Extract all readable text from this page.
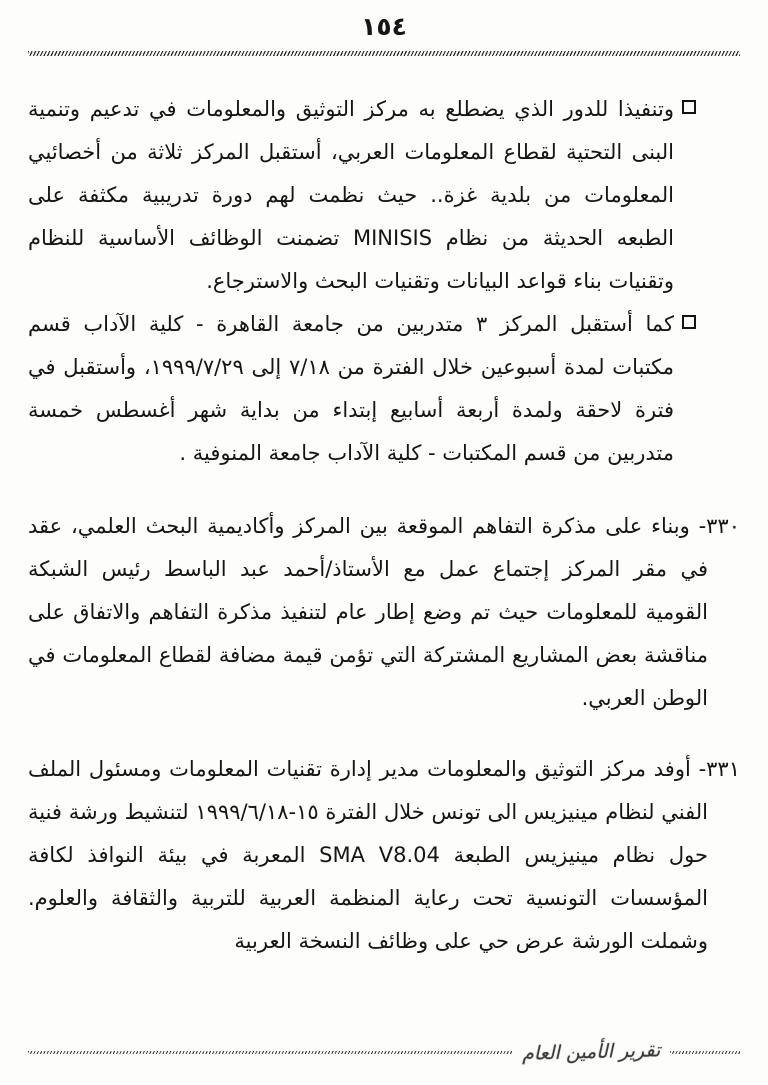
١٥٤
وتنفيذا للدور الذي يضطلع به مركز التوثيق والمعلومات في تدعيم وتنمية البنى التحتية لقطاع المعلومات العربي، أستقبل المركز ثلاثة من أخصائيي المعلومات من بلدية غزة.. حيث نظمت لهم دورة تدريبية مكثفة على الطبعه الحديثة من نظام MINISIS تضمنت الوظائف الأساسية للنظام وتقنيات بناء قواعد البيانات وتقنيات البحث والاسترجاع.
كما أستقبل المركز ٣ متدربين من جامعة القاهرة - كلية الآداب قسم مكتبات لمدة أسبوعين خلال الفترة من ٧/١٨ إلى ١٩٩٩/٧/٢٩، وأستقبل في فترة لاحقة ولمدة أربعة أسابيع إبتداء من بداية شهر أغسطس خمسة متدربين من قسم المكتبات - كلية الآداب جامعة المنوفية .
٣٣٠- وبناء على مذكرة التفاهم الموقعة بين المركز وأكاديمية البحث العلمي، عقد في مقر المركز إجتماع عمل مع الأستاذ/أحمد عبد الباسط رئيس الشبكة القومية للمعلومات حيث تم وضع إطار عام لتنفيذ مذكرة التفاهم والاتفاق على مناقشة بعض المشاريع المشتركة التي تؤمن قيمة مضافة لقطاع المعلومات في الوطن العربي.
٣٣١- أوفد مركز التوثيق والمعلومات مدير إدارة تقنيات المعلومات ومسئول الملف الفني لنظام مينيزيس الى تونس خلال الفترة ١٥-١٩٩٩/٦/١٨ لتنشيط ورشة فنية حول نظام مينيزيس الطبعة SMA V8.04 المعربة في بيئة النوافذ لكافة المؤسسات التونسية تحت رعاية المنظمة العربية للتربية والثقافة والعلوم. وشملت الورشة عرض حي على وظائف النسخة العربية
تقرير الأمين العام
